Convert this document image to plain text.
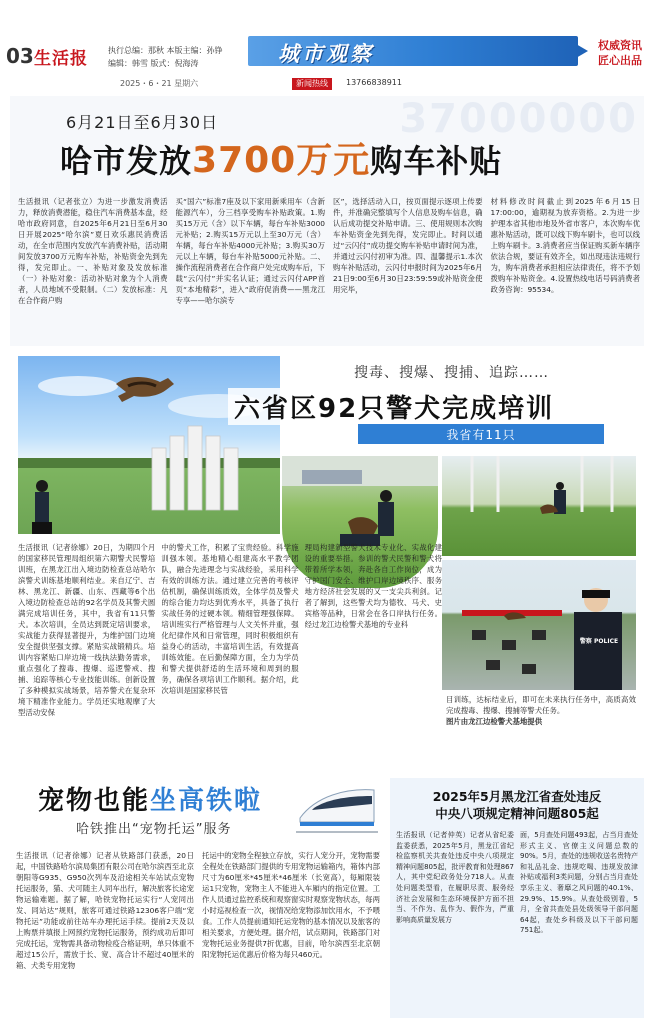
03 生活报	执行总编：那秋 本版主编：孙铮
编辑：韩雪 版式：倪海涛	城市观察	权威资讯
匠心出品
2025・6・21 星期六	新闻热线	13766838911
37000000
6月21日至6月30日
哈市发放3700万元购车补贴
生活报讯（记者张立）为进一步激发消费活力，释放消费潜能，稳住汽车消费基本盘，经哈市政府同意，自2025年6月21日至6月30日开展2025“哈尔滨”夏日欢乐惠民消费活动，在全市范围内发放汽车消费补贴，活动期间发放3700万元购车补贴，补贴资金先到先得，发完即止。一、补贴对象及发放标准（一）补贴对象：活动补贴对象为个人消费者，人员地域不受限制。（二）发放标准：凡在合作商户购
买“国六”标准7座及以下家用新乘用车（含新能源汽车），分三档享受购车补贴政策。1.购买15万元（含）以下车辆，每台车补贴3000元补贴；2.购买15万元以上至30万元（含）车辆，每台车补贴4000元补贴；3.购买30万元以上车辆，每台车补贴5000元补贴。二、操作流程消费者在合作商户处完成购车后，下载“云闪付”并实名认证；通过云闪付APP首页“本地精彩”，进入“政府促消费——黑龙江专享——哈尔滨专
区”，选择活动入口，按页面提示逐项上传要件，并准确完整填写个人信息及购车信息，确认后成功提交补贴申请。三、使用规则本次购车补贴资金先到先得，发完即止。时间以通过“云闪付”成功提交购车补贴申请时间为准，并通过云闪付初审为准。四、温馨提示1.本次购车补贴活动，云闪付申报时间为2025年6月21日9:00至6月30日23:59:59或补贴资金使用完毕，
材料修改时间截止到2025年6月15日17:00:00，逾期视为放弃资格。2.为进一步护理本省其他市地及外省市客户，本次购车优惠补贴活动，既可以线下购车刷卡，也可以线上购车刷卡。3.消费者应当保证购买新车辆序依法合规，要证有效齐全，如出现违法违规行为，购车消费者承担相应法律责任，将不予划拨购车补贴资金。4.设置热线电话号码消费者政务咨询：95534。
搜毒、搜爆、搜捕、追踪……
六省区92只警犬完成培训
我省有11只
警察 POLICE
生活报讯（记者徐娜）20日，为期四个月的国家移民管理局组织第六期警犬民警培训班，在黑龙江出入境边防检查总站哈尔滨警犬训练基地顺利结业。来自辽宁、吉林、黑龙江、新疆、山东、西藏等6个出入境边防检查总站的92名学员及其警犬圆满完成培训任务，其中，我省有11只警犬。本次培训，全员达到既定培训要求，实战能力获得显著提升，为维护国门边境安全提供坚强支撑。紧贴实战锻精兵。培训内容紧贴口岸边境一线执法勤务需求，重点强化了搜毒、搜爆、巡逻警戒、搜捕、追踪等核心专业技能训练。创新设置了多种模拟实战场景，培养警犬在复杂环境下精准作业能力。学员还实地观摩了大型活动安保
中的警犬工作，积累了宝贵经验。科学施训强本领。基地精心组建高水平教学团队，融合先进理念与实战经验，采用科学有效的训练方法。通过建立完善的考核评估机制，确保训练质效，全体学员及警犬的综合能力均达到优秀水平，具备了执行实战任务的过硬本领。精细管理强保障。培训班实行严格管理与人文关怀并重，强化纪律作风和日常管理，同时积极组织有益身心的活动，丰富培训生活，有效提高训练效能。在后勤保障方面，全力为学员和警犬提供舒适的生活环境和周到的服务，确保各项培训工作顺利。据介绍，此次培训是国家移民管
理局构建新型警犬技术专业化、实战化建设的重要举措。参训的警犬民警和警犬将带着所学本领，奔赴各自工作岗位，成为守护国门安全、维护口岸边境秩序、服务地方经济社会发展的又一支尖兵利剑。记者了解到，这些警犬均为德牧、马犬、史宾格等品种，日常会在各口岸执行任务。经过龙江边检警犬基地的专业科
目训练，达标结业后，即可在未来执行任务中，高质高效完成搜毒、搜爆、搜捕等警犬任务。
图片由龙江边检警犬基地提供
宠物也能坐高铁啦
哈铁推出“宠物托运”服务
生活报讯（记者徐娜）记者从铁路部门获悉，20日起，中国铁路哈尔滨局集团有限公司在哈尔滨西至北京朝阳等G935、G950次列车及沿途相关车站试点宠物托运服务，猫、犬可随主人同车出行，解决旅客长途宠物运输难题。据了解，哈铁宠物托运实行“人宠同出发、同站达”规则，旅客可通过铁路12306客户端“宠物托运”功能或前往站车办理托运手续。提前2天及以上购票并填报上网预约宠物托运服务，预约成功后即可完成托运，宠物需具备动物检疫合格证明，单只体重不超过15公斤，需放于长、宽、高合计不超过40厘米的箱、犬类专用宠物
托运中的宠物全程独立存放，实行人宠分开，宠物需要全程处在铁路部门提供的专用宠物运输箱内，箱体内部尺寸为60厘米*45厘米*46厘米（长宽高），每厢限装运1只宠物，宠物主人不能进入车厢内的指定位置。工作人员通过监控系统和观察窗实时观察宠物状态，每两小时巡视检查一次，视情况给宠物添加饮用水，不予喂食。工作人员提前通知托运宠物的基本情况以及旅客的相关要求，方便处理。据介绍，试点期间，铁路部门对宠物托运业务提供7折优惠，目前，哈尔滨西至北京朝阳宠物托运优惠后价格为每只460元。
2025年5月黑龙江省查处违反
中央八项规定精神问题805起
生活报讯（记者仲英）记者从省纪委监委获悉，2025年5月，黑龙江省纪检监察机关共查处违反中央八项规定精神问题805起，批评教育和处理867人，其中党纪政务处分718人。从查处问题类型看，在履职尽责、服务经济社会发展和生态环境保护方面不担当、不作为、乱作为、假作为，严重影响高质量发展方
面，5月查处问题493起，占当月查处形式主义、官僚主义问题总数的90%。5月，查处的违规收送名贵特产和礼品礼金、违规吃喝、违规发放津补贴或福利3类问题，分别占当月查处享乐主义、奢靡之风问题的40.1%、29.9%、15.9%。从查处级别看，5月，全省共查处县处级领导干部问题64起，查处乡科级及以下干部问题751起。
